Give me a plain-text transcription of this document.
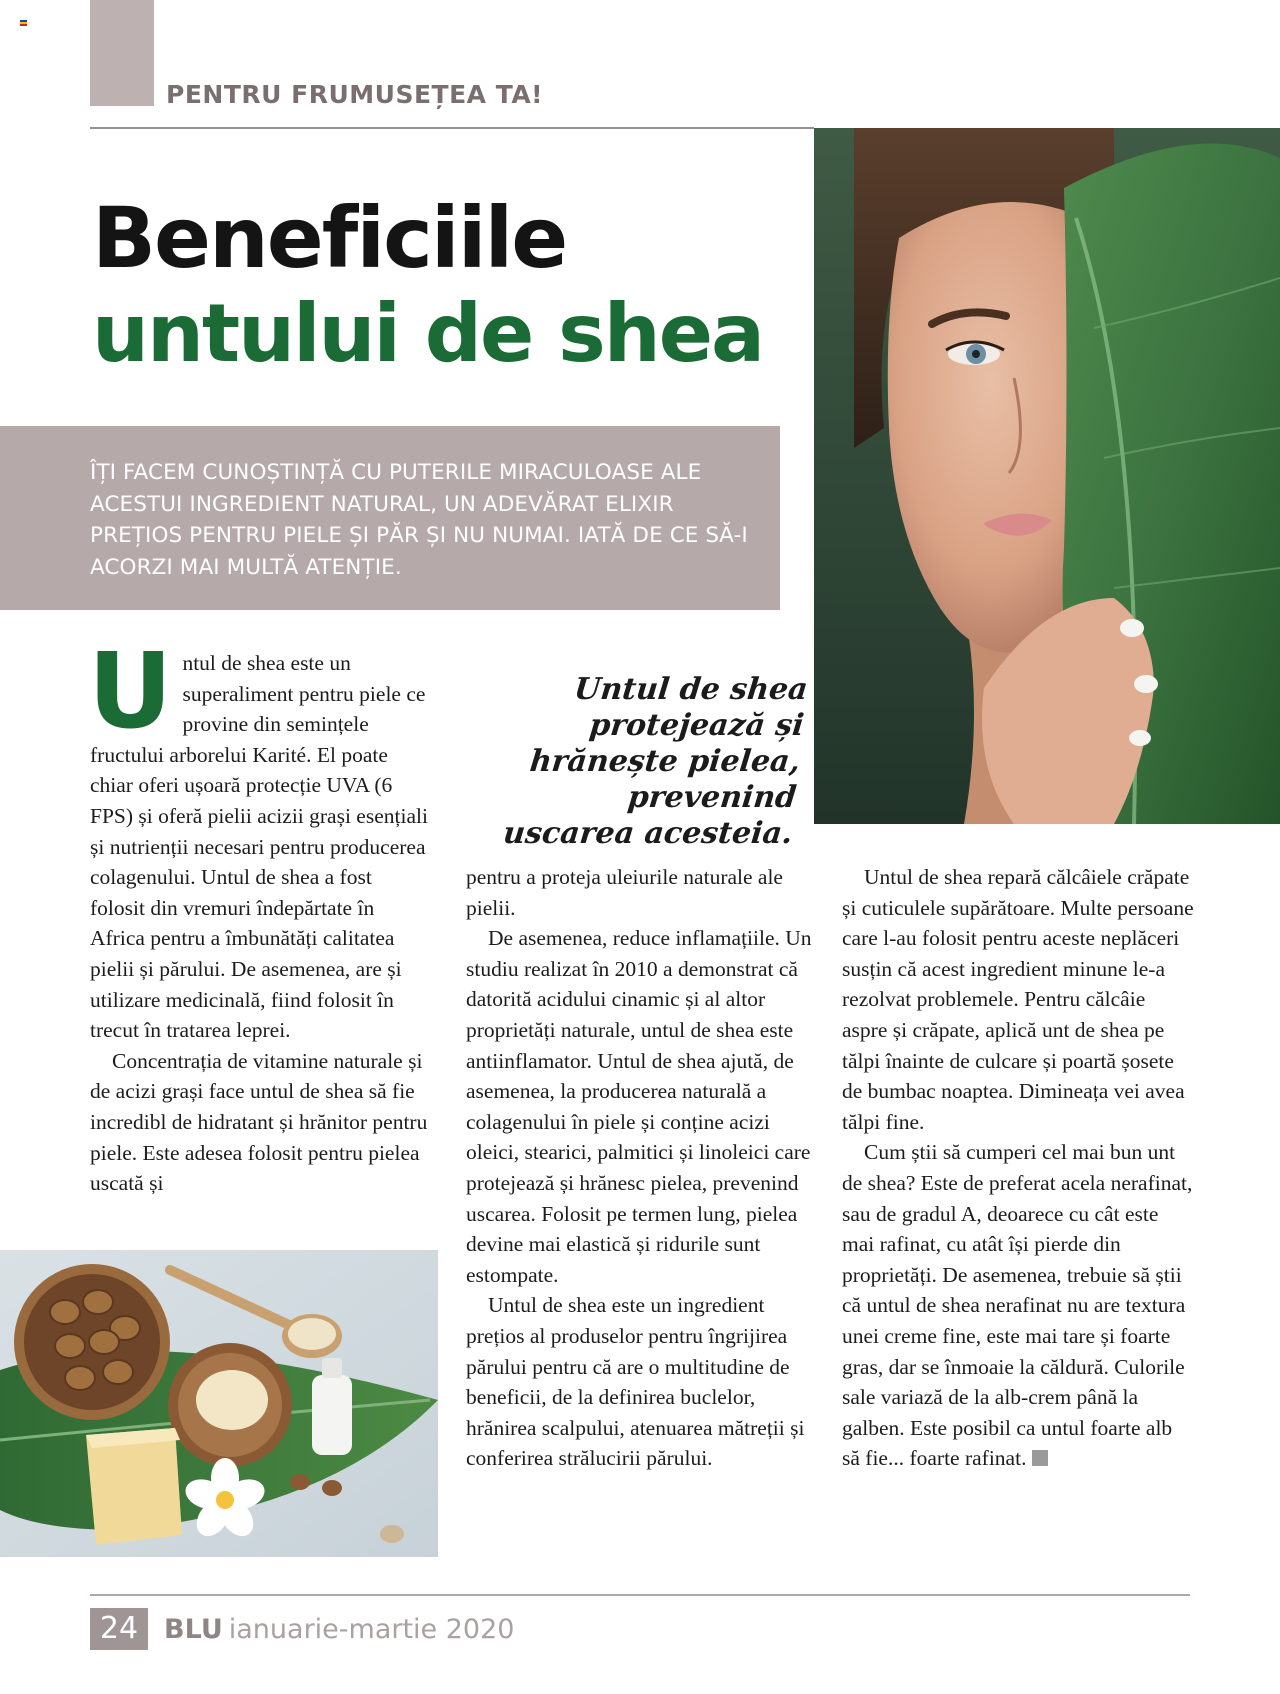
PENTRU FRUMUSEȚEA TA!
Beneficiile
untului de shea

ÎȚI FACEM CUNOȘTINȚĂ CU PUTERILE MIRACULOASE ALE ACESTUI INGREDIENT NATURAL, UN ADEVĂRAT ELIXIR PREȚIOS PENTRU PIELE ȘI PĂR ȘI NU NUMAI. IATĂ DE CE SĂ-I ACORZI MAI MULTĂ ATENȚIE.

Untul de shea protejează și hrănește pielea, prevenind uscarea acesteia.

U ntul de shea este un superaliment pentru piele ce provine din semințele fructului arborelui Karité. El poate chiar oferi ușoară protecție UVA (6 FPS) și oferă pielii acizii grași esențiali și nutrienții necesari pentru producerea colagenului. Untul de shea a fost folosit din vremuri îndepărtate în Africa pentru a îmbunătăți calitatea pielii și părului. De asemenea, are și utilizare medicinală, fiind folosit în trecut în tratarea leprei.

Concentrația de vitamine naturale și de acizi grași face untul de shea să fie incredibl de hidratant și hrănitor pentru piele. Este adesea folosit pentru pielea uscată și

pentru a proteja uleiurile naturale ale pielii.

De asemenea, reduce inflamațiile. Un studiu realizat în 2010 a demonstrat că datorită acidului cinamic și al altor proprietăți naturale, untul de shea este antiinflamator. Untul de shea ajută, de asemenea, la producerea naturală a colagenului în piele și conține acizi oleici, stearici, palmitici și linoleici care protejează și hrănesc pielea, prevenind uscarea. Folosit pe termen lung, pielea devine mai elastică și ridurile sunt estompate.

Untul de shea este un ingredient prețios al produselor pentru îngrijirea părului pentru că are o multitudine de beneficii, de la definirea buclelor, hrănirea scalpului, atenuarea mătreții și conferirea strălucirii părului.

Untul de shea repară călcâiele crăpate și cuticulele supărătoare. Multe persoane care l-au folosit pentru aceste neplăceri susțin că acest ingredient minune le-a rezolvat problemele. Pentru călcâie aspre și crăpate, aplică unt de shea pe tălpi înainte de culcare și poartă șosete de bumbac noaptea. Dimineața vei avea tălpi fine.

Cum știi să cumperi cel mai bun unt de shea? Este de preferat acela nerafinat, sau de gradul A, deoarece cu cât este mai rafinat, cu atât își pierde din proprietăți. De asemenea, trebuie să știi că untul de shea nerafinat nu are textura unei creme fine, este mai tare și foarte gras, dar se înmoaie la căldură. Culorile sale variază de la alb-crem până la galben. Este posibil ca untul foarte alb să fie... foarte rafinat.

24 BLU ianuarie-martie 2020
